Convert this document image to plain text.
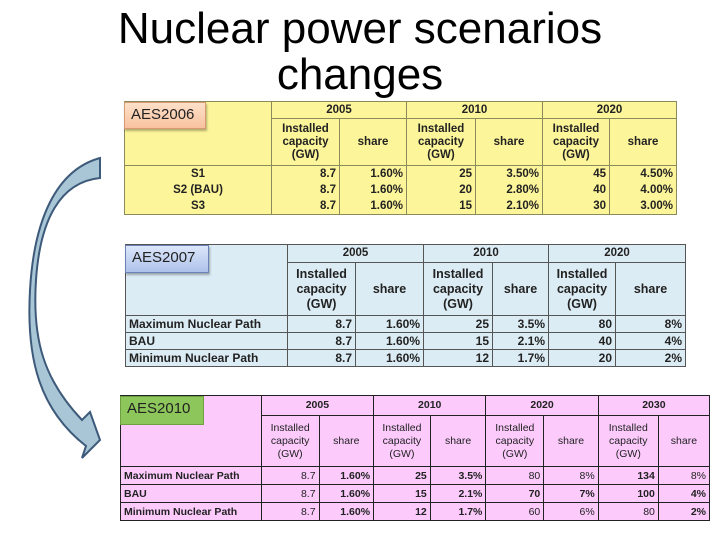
Nuclear power scenarios changes
	2005		2010		2020	
	Installed
capacity
(GW)	share	Installed
capacity
(GW)	share	Installed
capacity
(GW)	share
S1	8.7	1.60%	25	3.50%	45	4.50%
S2 (BAU)	8.7	1.60%	20	2.80%	40	4.00%
S3	8.7	1.60%	15	2.10%	30	3.00%
AES2006
	2005		2010		2020	
	Installed
capacity
(GW)	share	Installed
capacity
(GW)	share	Installed
capacity
(GW)	share
Maximum Nuclear Path	8.7	1.60%	25	3.5%	80	8%
BAU	8.7	1.60%	15	2.1%	40	4%
Minimum Nuclear Path	8.7	1.60%	12	1.7%	20	2%
AES2007
	2005		2010		2020		2030	
	Installed
capacity
(GW)	share	Installed
capacity
(GW)	share	Installed
capacity
(GW)	share	Installed
capacity
(GW)	share
Maximum Nuclear Path	8.7	1.60%	25	3.5%	80	8%	134	8%
BAU	8.7	1.60%	15	2.1%	70	7%	100	4%
Minimum Nuclear Path	8.7	1.60%	12	1.7%	60	6%	80	2%
AES2010
